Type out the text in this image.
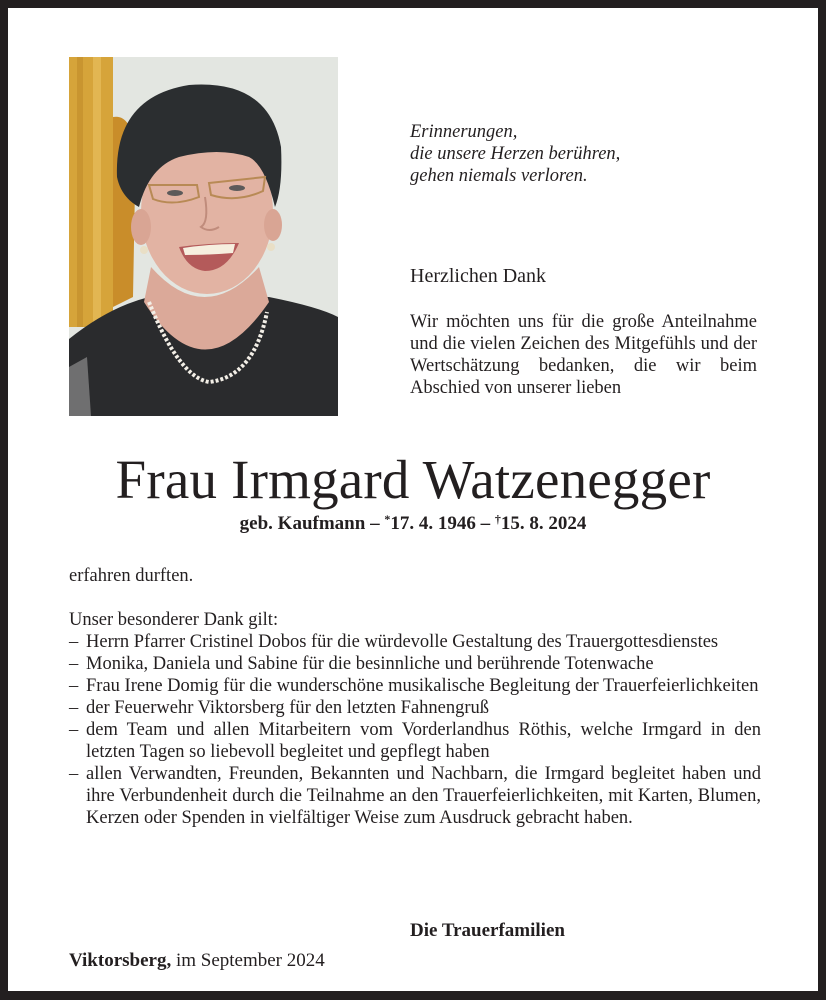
Erinnerungen,
die unsere Herzen berühren,
gehen niemals verloren.
Herzlichen Dank
Wir möchten uns für die große Anteilnahme und die vielen Zeichen des Mitgefühls und der Wertschätzung bedanken, die wir beim Abschied von unserer lieben
Frau Irmgard Watzenegger
geb. Kaufmann – *17. 4. 1946 – †15. 8. 2024

erfahren durften.

Unser besonderer Dank gilt:

– Herrn Pfarrer Cristinel Dobos für die würdevolle Gestaltung des Trauergottesdienstes
– Monika, Daniela und Sabine für die besinnliche und berührende Totenwache
– Frau Irene Domig für die wunderschöne musikalische Begleitung der Trauerfeierlichkeiten
– der Feuerwehr Viktorsberg für den letzten Fahnengruß
– dem Team und allen Mitarbeitern vom Vorderlandhus Röthis, welche Irmgard in den letzten Tagen so liebevoll begleitet und gepflegt haben
– allen Verwandten, Freunden, Bekannten und Nachbarn, die Irmgard begleitet haben und ihre Verbundenheit durch die Teilnahme an den Trauerfeierlichkeiten, mit Karten, Blumen, Kerzen oder Spenden in vielfältiger Weise zum Ausdruck gebracht haben.
Die Trauerfamilien
Viktorsberg, im September 2024
